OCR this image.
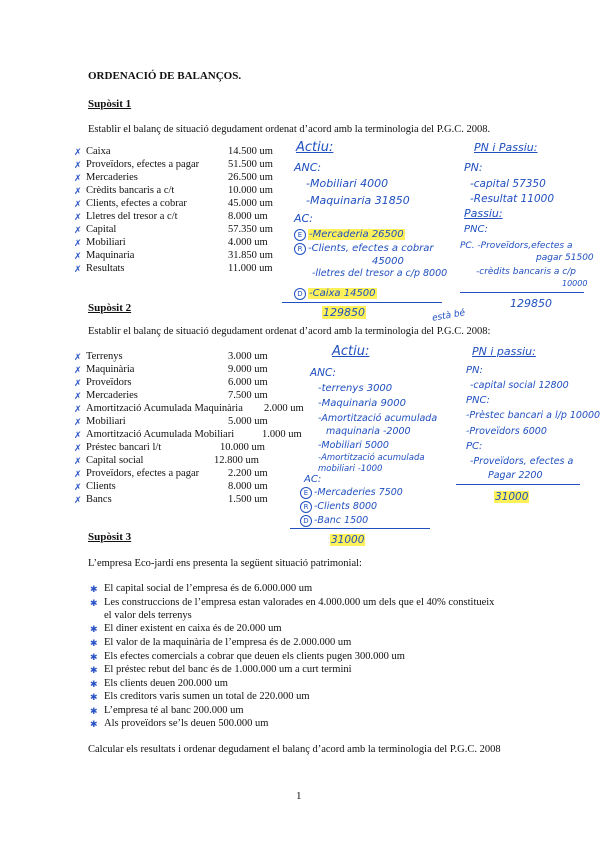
ORDENACIÓ DE BALANÇOS.
Supòsit 1
Establir el balanç de situació degudament ordenat d’acord amb la terminologia del P.G.C. 2008.
✗ Caixa	14.500 um
✗ Proveïdors, efectes a pagar	51.500 um
✗ Mercaderies	26.500 um
✗ Crèdits bancaris a c/t	10.000 um
✗ Clients, efectes a cobrar	45.000 um
✗ Lletres del tresor a c/t	8.000 um
✗ Capital	57.350 um
✗ Mobiliari	4.000 um
✗ Maquinaria	31.850 um
✗ Resultats	11.000 um
Actiu:
ANC:
-Mobiliari 4000
-Maquinaria 31850
AC:
E -Mercaderia 26500
R -Clients, efectes a cobrar
45000
-lletres del tresor a c/p 8000
D -Caixa 14500
129850
PN i Passiu:
PN:
-capital 57350
-Resultat 11000
Passiu:
PNC:
PC. -Proveïdors,efectes a
pagar 51500
-crèdits bancaris a c/p
10000
129850
està bé
Supòsit 2
Establir el balanç de situació degudament ordenat d’acord amb la terminologia del P.G.C. 2008:
✗ Terrenys	3.000 um
✗ Maquinària	9.000 um
✗ Proveïdors	6.000 um
✗ Mercaderies	7.500 um
✗ Amortització Acumulada Maquinària 2.000 um
✗ Mobiliari	5.000 um
✗ Amortització Acumulada Mobiliari	1.000 um
✗ Préstec bancari l/t	10.000 um
✗ Capital social	12.800 um
✗ Proveïdors, efectes a pagar	2.200 um
✗ Clients	8.000 um
✗ Bancs	1.500 um
Actiu:
ANC:
-terrenys 3000
-Maquinaria 9000
-Amortització acumulada
maquinaria -2000
-Mobiliari 5000
-Amortització acumulada
mobiliari -1000
AC:
E -Mercaderies 7500
R -Clients 8000
D -Banc 1500
31000
PN i passiu:
PN:
-capital social 12800
PNC:
-Prèstec bancari a l/p 10000
-Proveïdors 6000
PC:
-Proveïdors, efectes a
Pagar 2200
31000
Supòsit 3
L’empresa Eco-jardí ens presenta la següent situació patrimonial:
✱ El capital social de l’empresa és de 6.000.000 um
✱ Les construccions de l’empresa estan valorades en 4.000.000 um dels que el 40% constitueix
el valor dels terrenys
✱ El diner existent en caixa és de 20.000 um
✱ El valor de la maquinària de l’empresa és de 2.000.000 um
✱ Els efectes comercials a cobrar que deuen els clients pugen 300.000 um
✱ El préstec rebut del banc és de 1.000.000 um a curt termini
✱ Els clients deuen 200.000 um
✱ Els creditors varis sumen un total de 220.000 um
✱ L’empresa té al banc 200.000 um
✱ Als proveïdors se’ls deuen 500.000 um
Calcular els resultats i ordenar degudament el balanç d’acord amb la terminologia del P.G.C. 2008
1
